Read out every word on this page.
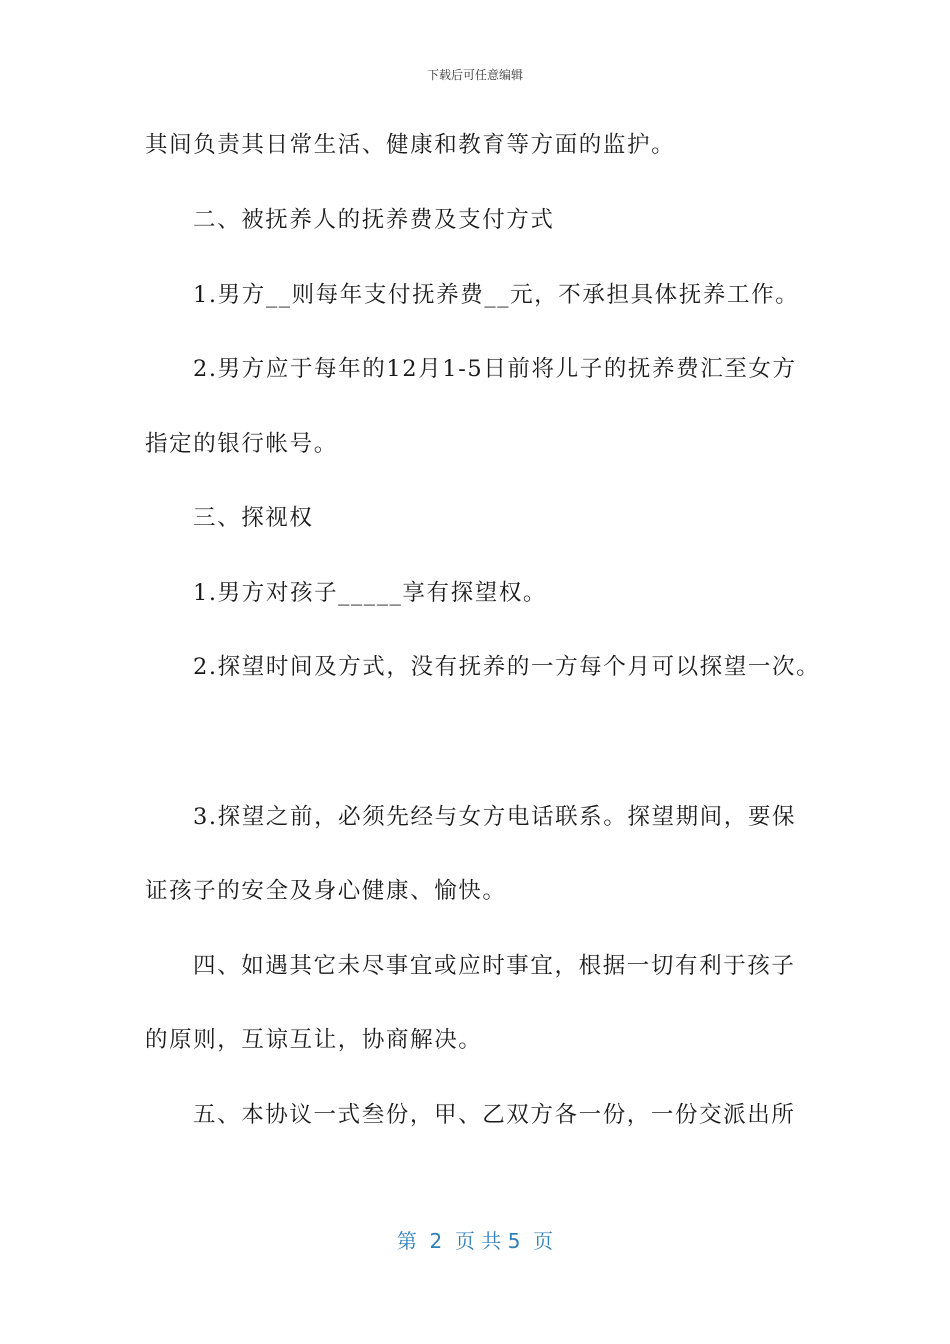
下载后可任意编辑
其间负责其日常生活、健康和教育等方面的监护。
二、被抚养人的抚养费及支付方式
1.男方__则每年支付抚养费__元，不承担具体抚养工作。
2.男方应于每年的12月1-5日前将儿子的抚养费汇至女方
指定的银行帐号。
三、探视权
1.男方对孩子_____享有探望权。
2.探望时间及方式，没有抚养的一方每个月可以探望一次。
3.探望之前，必须先经与女方电话联系。探望期间，要保
证孩子的安全及身心健康、愉快。
四、如遇其它未尽事宜或应时事宜，根据一切有利于孩子
的原则，互谅互让，协商解决。
五、本协议一式叁份，甲、乙双方各一份，一份交派出所
第  2  页 共 5  页
